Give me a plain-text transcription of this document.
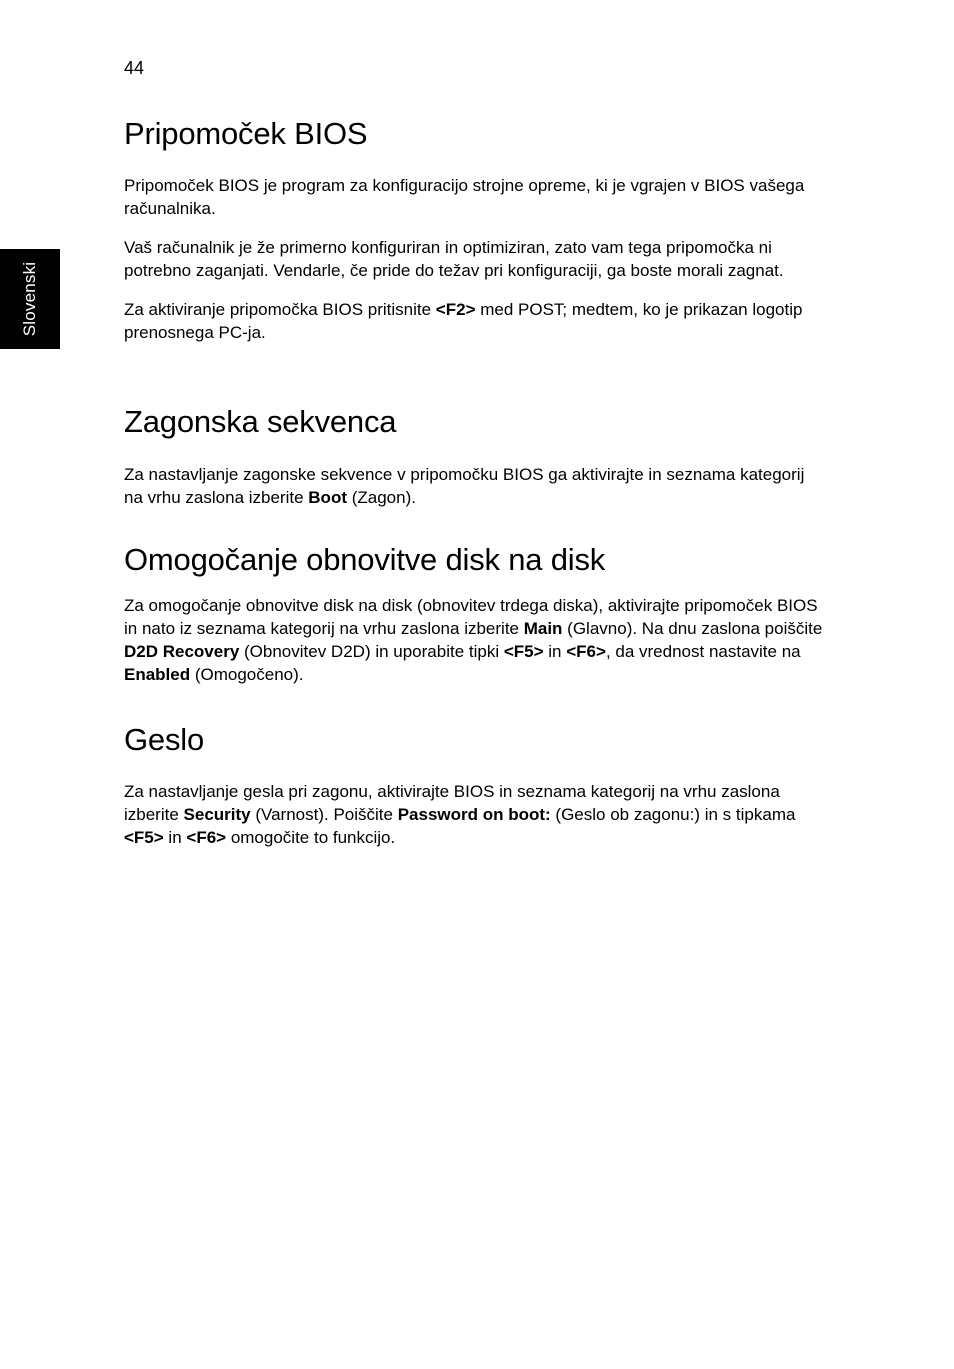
44
Slovenski
Pripomoček BIOS

Pripomoček BIOS je program za konfiguracijo strojne opreme, ki je vgrajen v BIOS vašega računalnika.

Vaš računalnik je že primerno konfiguriran in optimiziran, zato vam tega pripomočka ni potrebno zaganjati. Vendarle, če pride do težav pri konfiguraciji, ga boste morali zagnat.

Za aktiviranje pripomočka BIOS pritisnite <F2> med POST; medtem, ko je prikazan logotip prenosnega PC-ja.

Zagonska sekvenca

Za nastavljanje zagonske sekvence v pripomočku BIOS ga aktivirajte in seznama kategorij na vrhu zaslona izberite Boot (Zagon).

Omogočanje obnovitve disk na disk

Za omogočanje obnovitve disk na disk (obnovitev trdega diska), aktivirajte pripomoček BIOS in nato iz seznama kategorij na vrhu zaslona izberite Main (Glavno). Na dnu zaslona poiščite D2D Recovery (Obnovitev D2D) in uporabite tipki <F5> in <F6>, da vrednost nastavite na Enabled (Omogočeno).

Geslo

Za nastavljanje gesla pri zagonu, aktivirajte BIOS in seznama kategorij na vrhu zaslona izberite Security (Varnost). Poiščite Password on boot: (Geslo ob zagonu:) in s tipkama <F5> in <F6> omogočite to funkcijo.
